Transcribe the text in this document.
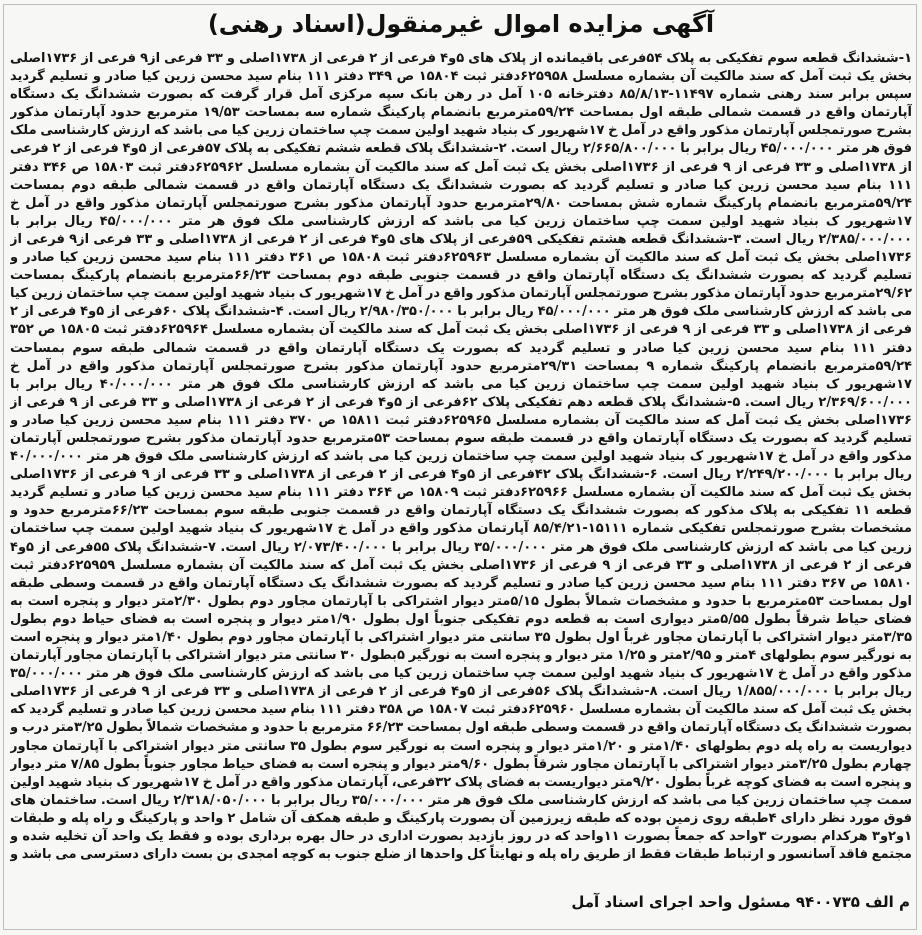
آگهی مزایده اموال غیرمنقول(اسناد رهنی)
۱-ششدانگ قطعه سوم تفکیکی به پلاک ۵۴فرعی باقیمانده از پلاک های ۵و۴ فرعی از ۲ فرعی از ۱۷۳۸اصلی و ۳۳ فرعی از۹ فرعی از ۱۷۳۶اصلی بخش یک ثبت آمل که سند مالکیت آن بشماره مسلسل ۶۲۵۹۵۸دفتر ثبت ۱۵۸۰۴ ص ۳۴۹ دفتر ۱۱۱ بنام سید محسن زرین کیا صادر و تسلیم گردید سپس برابر سند رهنی شماره ۱۱۴۹۷-۸۵/۸/۱۳ دفترخانه ۱۰۵ آمل در رهن بانک سپه مرکزی آمل قرار گرفت که بصورت ششدانگ یک دستگاه آپارتمان واقع در قسمت شمالی طبقه اول بمساحت ۵۹/۲۴مترمربع بانضمام پارکینگ شماره سه بمساحت ۱۹/۵۳ مترمربع حدود آپارتمان مذکور بشرح صورتمجلس آپارتمان مذکور واقع در آمل خ ۱۷شهریور ک بنیاد شهید اولین سمت چپ ساختمان زرین کیا می باشد که ارزش کارشناسی ملک فوق هر متر ۴۵/۰۰۰/۰۰۰ ریال برابر با ۲/۶۶۵/۸۰۰/۰۰۰ ریال است. ۲-ششدانگ پلاک قطعه ششم تفکیکی به پلاک ۵۷فرعی از ۵و۴ فرعی از ۲ فرعی از ۱۷۳۸اصلی و ۳۳ فرعی از ۹ فرعی از ۱۷۳۶اصلی بخش یک ثبت آمل که سند مالکیت آن بشماره مسلسل ۶۲۵۹۶۲دفتر ثبت ۱۵۸۰۳ ص ۳۴۶ دفتر ۱۱۱ بنام سید محسن زرین کیا صادر و تسلیم گردید که بصورت ششدانگ یک دستگاه آپارتمان واقع در قسمت شمالی طبقه دوم بمساحت ۵۹/۲۴مترمربع بانضمام پارکینگ شماره شش بمساحت ۲۹/۸۰مترمربع حدود آپارتمان مذکور بشرح صورتمجلس آپارتمان مذکور واقع در آمل خ ۱۷شهریور ک بنیاد شهید اولین سمت چپ ساختمان زرین کیا می باشد که ارزش کارشناسی ملک فوق هر متر ۴۵/۰۰۰/۰۰۰ ریال برابر با ۲/۳۸۵/۰۰۰/۰۰۰ ریال است. ۳-ششدانگ قطعه هشتم تفکیکی ۵۹فرعی از پلاک های ۵و۴ فرعی از ۲ فرعی از ۱۷۳۸اصلی و ۳۳ فرعی از۹ فرعی از ۱۷۳۶اصلی بخش یک ثبت آمل که سند مالکیت آن بشماره مسلسل ۶۲۵۹۶۳دفتر ثبت ۱۵۸۰۸ ص ۳۶۱ دفتر ۱۱۱ بنام سید محسن زرین کیا صادر و تسلیم گردید که بصورت ششدانگ یک دستگاه آپارتمان واقع در قسمت جنوبی طبقه دوم بمساحت ۶۶/۲۳مترمربع بانضمام پارکینگ بمساحت ۲۹/۶۲مترمربع حدود آپارتمان مذکور بشرح صورتمجلس آپارتمان مذکور واقع در آمل خ ۱۷شهریور ک بنیاد شهید اولین سمت چپ ساختمان زرین کیا می باشد که ارزش کارشناسی ملک فوق هر متر ۴۵/۰۰۰/۰۰۰ ریال برابر با ۲/۹۸۰/۳۵۰/۰۰۰ ریال است. ۴-ششدانگ پلاک ۶۰فرعی از ۵و۴ فرعی از ۲ فرعی از ۱۷۳۸اصلی و ۳۳ فرعی از ۹ فرعی از ۱۷۳۶اصلی بخش یک ثبت آمل که سند مالکیت آن بشماره مسلسل ۶۲۵۹۶۴دفتر ثبت ۱۵۸۰۵ ص ۳۵۲ دفتر ۱۱۱ بنام سید محسن زرین کیا صادر و تسلیم گردید که بصورت یک دستگاه آپارتمان واقع در قسمت شمالی طبقه سوم بمساحت ۵۹/۲۴مترمربع بانضمام پارکینگ شماره ۹ بمساحت ۲۹/۳۱مترمربع حدود آپارتمان مذکور بشرح صورتمجلس آپارتمان مذکور واقع در آمل خ ۱۷شهریور ک بنیاد شهید اولین سمت چپ ساختمان زرین کیا می باشد که ارزش کارشناسی ملک فوق هر متر ۴۰/۰۰۰/۰۰۰ ریال برابر با ۲/۳۶۹/۶۰۰/۰۰۰ ریال است. ۵-ششدانگ پلاک قطعه دهم تفکیکی پلاک ۶۲فرعی از ۵و۴ فرعی از ۲ فرعی از ۱۷۳۸اصلی و ۳۳ فرعی از ۹ فرعی از ۱۷۳۶اصلی بخش یک ثبت آمل که سند مالکیت آن بشماره مسلسل ۶۲۵۹۶۵دفتر ثبت ۱۵۸۱۱ ص ۳۷۰ دفتر ۱۱۱ بنام سید محسن زرین کیا صادر و تسلیم گردید که بصورت یک دستگاه آپارتمان واقع در قسمت طبقه سوم بمساحت ۵۳مترمربع حدود آپارتمان مذکور بشرح صورتمجلس آپارتمان مذکور واقع در آمل خ ۱۷شهریور ک بنیاد شهید اولین سمت چپ ساختمان زرین کیا می باشد که ارزش کارشناسی ملک فوق هر متر ۴۰/۰۰۰/۰۰۰ ریال برابر با ۲/۲۴۹/۲۰۰/۰۰۰ ریال است. ۶-ششدانگ پلاک ۴۲فرعی از ۵و۴ فرعی از ۲ فرعی از ۱۷۳۸اصلی و ۳۳ فرعی از ۹ فرعی از ۱۷۳۶اصلی بخش یک ثبت آمل که سند مالکیت آن بشماره مسلسل ۶۲۵۹۶۶دفتر ثبت ۱۵۸۰۹ ص ۳۶۴ دفتر ۱۱۱ بنام سید محسن زرین کیا صادر و تسلیم گردید قطعه ۱۱ تفکیکی به پلاک مذکور که بصورت ششدانگ یک دستگاه آپارتمان واقع در قسمت جنوبی طبقه سوم بمساحت ۶۶/۲۳مترمربع حدود و مشخصات بشرح صورتمجلس تفکیکی شماره ۱۵۱۱۱-۸۵/۴/۲۱ آپارتمان مذکور واقع در آمل خ ۱۷شهریور ک بنیاد شهید اولین سمت چپ ساختمان زرین کیا می باشد که ارزش کارشناسی ملک فوق هر متر ۳۵/۰۰۰/۰۰۰ ریال برابر با ۲/۰۷۳/۴۰۰/۰۰۰ ریال است. ۷-ششدانگ پلاک ۵۵فرعی از ۵و۴ فرعی از ۲ فرعی از ۱۷۳۸اصلی و ۳۳ فرعی از ۹ فرعی از ۱۷۳۶اصلی بخش یک ثبت آمل که سند مالکیت آن بشماره مسلسل ۶۲۵۹۵۹دفتر ثبت ۱۵۸۱۰ ص ۳۶۷ دفتر ۱۱۱ بنام سید محسن زرین کیا صادر و تسلیم گردید که بصورت ششدانگ یک دستگاه آپارتمان واقع در قسمت وسطی طبقه اول بمساحت ۵۳مترمربع با حدود و مشخصات شمالاً بطول ۵/۱۵متر دیوار اشتراکی با آپارتمان مجاور دوم بطول ۲/۳۰متر دیوار و پنجره است به فضای حیاط شرقاً بطول ۵/۵۵متر دیواری است به قطعه دوم تفکیکی جنوباً اول بطول ۱/۹۰متر دیوار و پنجره است به فضای حیاط دوم بطول ۳/۳۵متر دیوار اشتراکی با آپارتمان مجاور غرباً اول بطول ۳۵ سانتی متر دیوار اشتراکی با آپارتمان مجاور دوم بطول ۱/۴۰متر دیوار و پنجره است به نورگیر سوم بطولهای ۴متر و ۲/۹۵متر و ۱/۲۵ متر دیوار و پنجره است به نورگیر ۵بطول ۳۰ سانتی متر دیوار اشتراکی با آپارتمان مجاور آپارتمان مذکور واقع در آمل خ ۱۷شهریور ک بنیاد شهید اولین سمت چپ ساختمان زرین کیا می باشد که ارزش کارشناسی ملک فوق هر متر ۳۵/۰۰۰/۰۰۰ ریال برابر با ۱/۸۵۵/۰۰۰/۰۰۰ ریال است. ۸-ششدانگ پلاک ۵۶فرعی از ۵و۴ فرعی از ۲ فرعی از ۱۷۳۸اصلی و ۳۳ فرعی از ۹ فرعی از ۱۷۳۶اصلی بخش یک ثبت آمل که سند مالکیت آن بشماره مسلسل ۶۲۵۹۶۰دفتر ثبت ۱۵۸۰۷ ص ۳۵۸ دفتر ۱۱۱ بنام سید محسن زرین کیا صادر و تسلیم گردید که بصورت ششدانگ یک دستگاه آپارتمان واقع در قسمت وسطی طبقه اول بمساحت ۶۶/۲۳ مترمربع با حدود و مشخصات شمالاً بطول ۳/۲۵متر درب و دیواریست به راه پله دوم بطولهای ۱/۴۰متر و ۱/۲۰متر دیوار و پنجره است به نورگیر سوم بطول ۳۵ سانتی متر دیوار اشتراکی با آپارتمان مجاور چهارم بطول ۳/۲۵متر دیوار اشتراکی با آپارتمان مجاور شرقاً بطول ۹/۶۰متر دیوار و پنجره است به فضای حیاط مجاور جنوباً بطول ۷/۸۵ متر دیوار و پنجره است به فضای کوچه غرباً بطول ۹/۲۰متر دیواریست به فضای پلاک ۳۲فرعی، آپارتمان مذکور واقع در آمل خ ۱۷شهریور ک بنیاد شهید اولین سمت چپ ساختمان زرین کیا می باشد که ارزش کارشناسی ملک فوق هر متر ۳۵/۰۰۰/۰۰۰ ریال برابر با ۲/۳۱۸/۰۵۰/۰۰۰ ریال است. ساختمان های فوق مورد نظر دارای ۴طبقه روی زمین بوده که طبقه زیرزمین آن بصورت پارکینگ و طبقه همکف آن شامل ۲ واحد و پارکینگ و راه پله و طبقات ۱و۲و۳ هرکدام بصورت ۳واحد که جمعاً بصورت ۱۱واحد که در روز بازدید بصورت اداری در حال بهره برداری بوده و فقط یک واحد آن تخلیه شده و مجتمع فاقد آسانسور و ارتباط طبقات فقط از طریق راه پله و نهایتاً کل واحدها از ضلع جنوب به کوچه امجدی بن بست دارای دسترسی می باشد و
م الف ۹۴۰۰۷۳۵ مسئول واحد اجرای اسناد آمل
